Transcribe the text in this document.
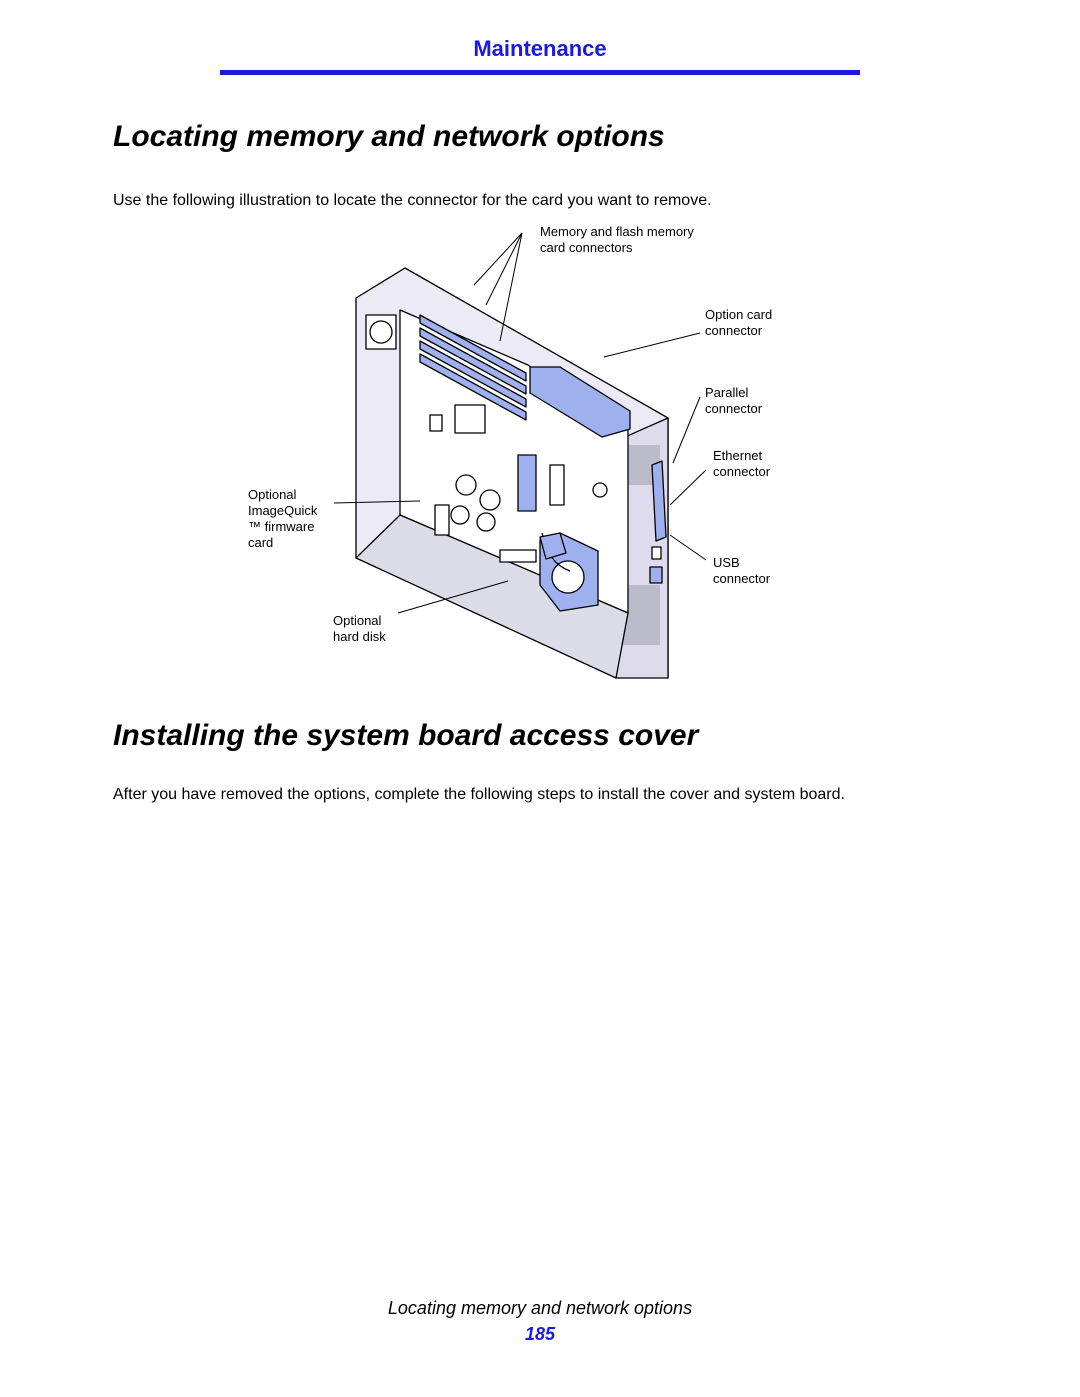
Maintenance
Locating memory and network options

Use the following illustration to locate the connector for the card you want to remove.

Memory and flash memory
card connectors
Option card
connector
Parallel
connector
Ethernet
connector
USB
connector
Optional
ImageQuick
™ firmware
card
Optional
hard disk
Installing the system board access cover

After you have removed the options, complete the following steps to install the cover and system board.

Locating memory and network options
185
